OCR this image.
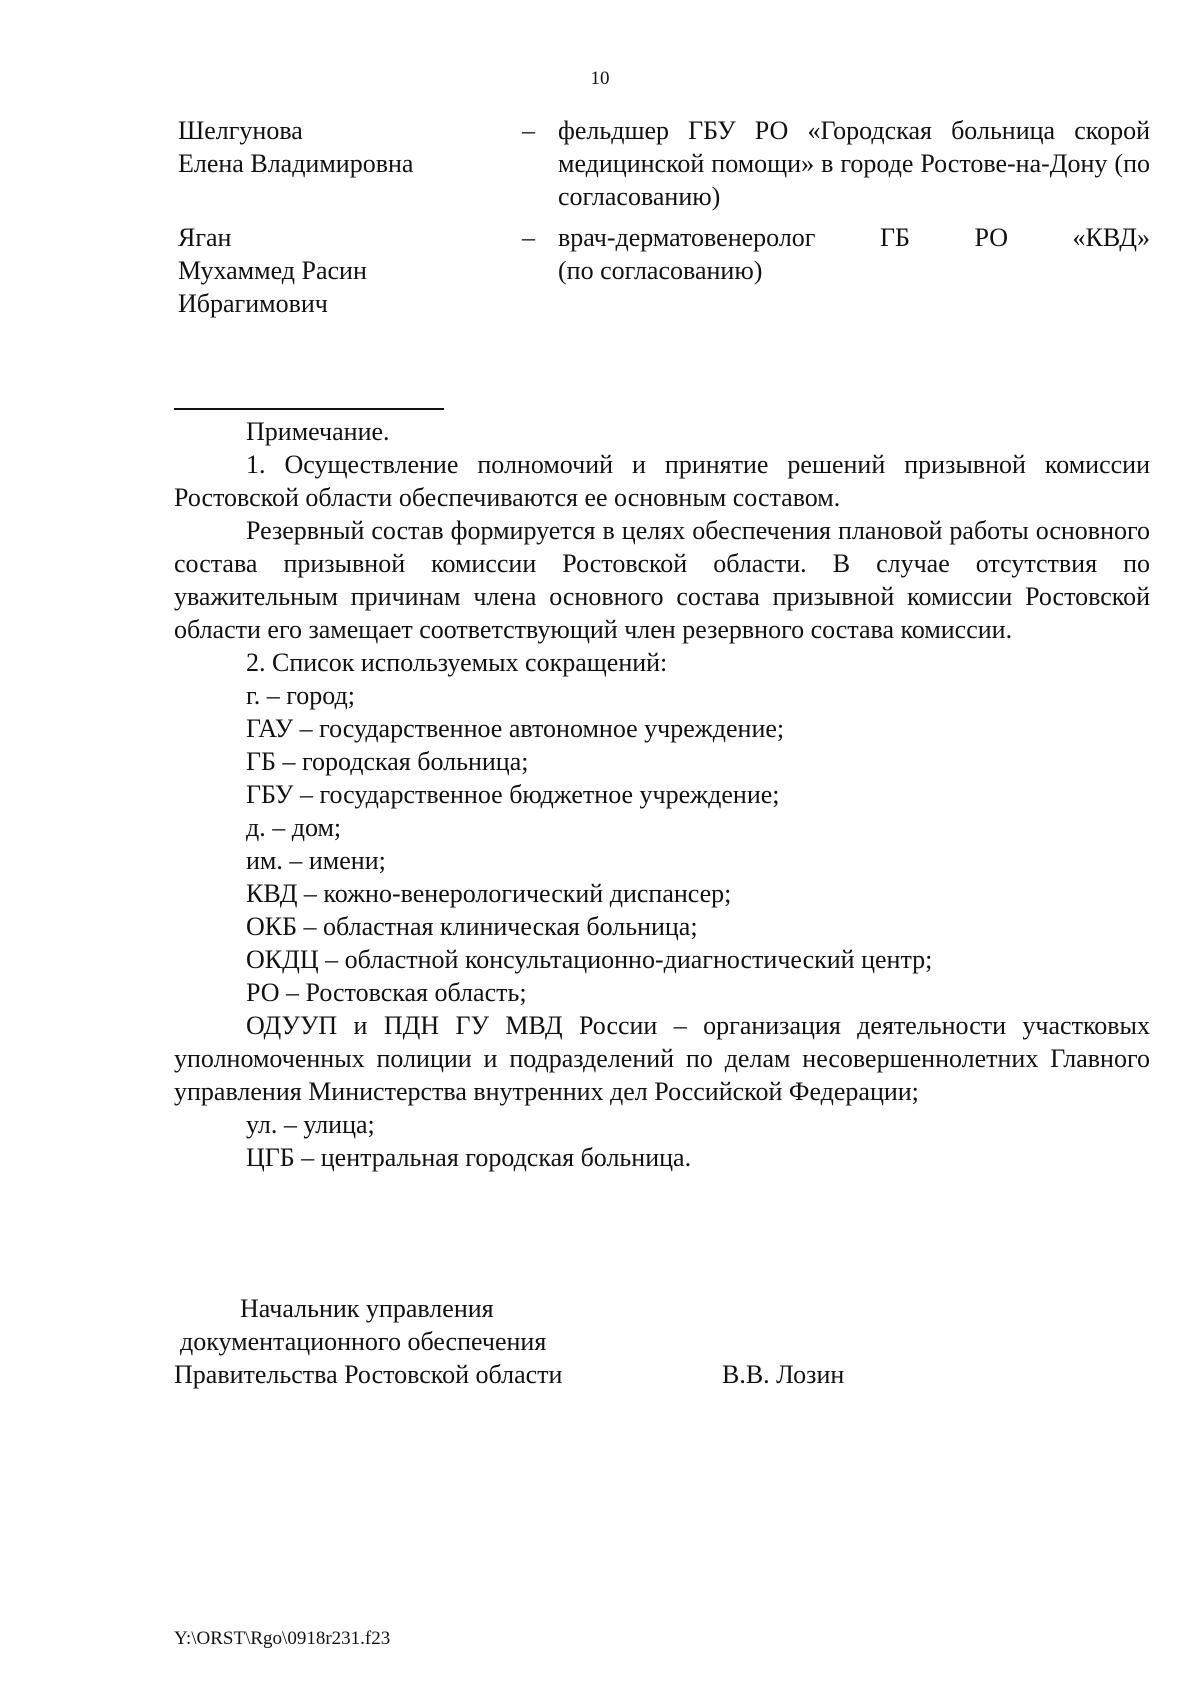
10
Шелгунова
Елена Владимировна
– фельдшер ГБУ РО «Городская больница скорой медицинской помощи» в городе Ростове-на-Дону (по согласованию)
Яган
Мухаммед Расин
Ибрагимович
– врач-дерматовенеролог ГБ РО «КВД»
(по согласованию)

Примечание.

1. Осуществление полномочий и принятие решений призывной комиссии Ростовской области обеспечиваются ее основным составом.

Резервный состав формируется в целях обеспечения плановой работы основного состава призывной комиссии Ростовской области. В случае отсутствия по уважительным причинам члена основного состава призывной комиссии Ростовской области его замещает соответствующий член резервного состава комиссии.

2. Список используемых сокращений:

г. – город;

ГАУ – государственное автономное учреждение;

ГБ – городская больница;

ГБУ – государственное бюджетное учреждение;

д. – дом;

им. – имени;

КВД – кожно-венерологический диспансер;

ОКБ – областная клиническая больница;

ОКДЦ – областной консультационно-диагностический центр;

РО – Ростовская область;

ОДУУП и ПДН ГУ МВД России – организация деятельности участковых уполномоченных полиции и подразделений по делам несовершеннолетних Главного управления Министерства внутренних дел Российской Федерации;

ул. – улица;

ЦГБ – центральная городская больница.

Начальник управления
документационного обеспечения
Правительства Ростовской области	В.В. Лозин
Y:\ORST\Rgo\0918r231.f23
